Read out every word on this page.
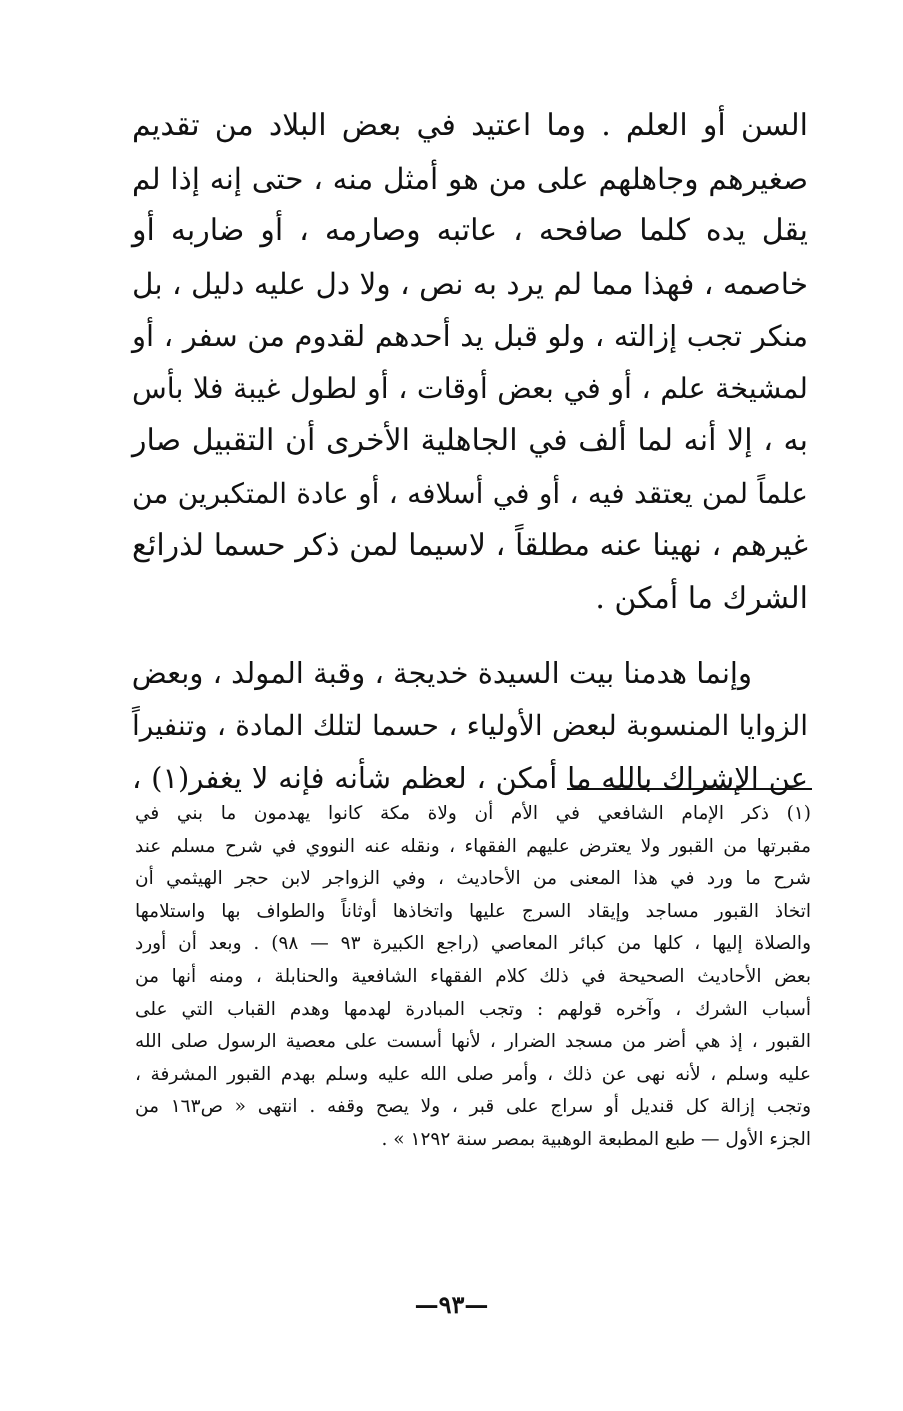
السن أو العلم . وما اعتيد في بعض البلاد من تقديم
صغيرهم وجاهلهم على من هو أمثل منه ، حتى إنه إذا لم
يقل يده كلما صافحه ، عاتبه وصارمه ، أو ضاربه أو
خاصمه ، فهذا مما لم يرد به نص ، ولا دل عليه دليل ، بل
منكر تجب إزالته ، ولو قبل يد أحدهم لقدوم من سفر ، أو
لمشيخة علم ، أو في بعض أوقات ، أو لطول غيبة فلا بأس
به ، إلا أنه لما ألف في الجاهلية الأخرى أن التقبيل صار
علماً لمن يعتقد فيه ، أو في أسلافه ، أو عادة المتكبرين من
غيرهم ، نهينا عنه مطلقاً ، لاسيما لمن ذكر حسما لذرائع
الشرك ما أمكن .
وإنما هدمنا بيت السيدة خديجة ، وقبة المولد ، وبعض
الزوايا المنسوبة لبعض الأولياء ، حسما لتلك المادة ، وتنفيراً
عن الإشراك بالله ما أمكن ، لعظم شأنه فإنه لا يغفر(١) ،
(١) ذكر الإمام الشافعي في الأم أن ولاة مكة كانوا يهدمون ما بني في
مقبرتها من القبور ولا يعترض عليهم الفقهاء ، ونقله عنه النووي في شرح مسلم عند
شرح ما ورد في هذا المعنى من الأحاديث ، وفي الزواجر لابن حجر الهيثمي أن
اتخاذ القبور مساجد وإيقاد السرج عليها واتخاذها أوثاناً والطواف بها واستلامها
والصلاة إليها ، كلها من كبائر المعاصي (راجع الكبيرة ٩٣ — ٩٨) . وبعد أن أورد
بعض الأحاديث الصحيحة في ذلك كلام الفقهاء الشافعية والحنابلة ، ومنه أنها من
أسباب الشرك ، وآخره قولهم : وتجب المبادرة لهدمها وهدم القباب التي على
القبور ، إذ هي أضر من مسجد الضرار ، لأنها أسست على معصية الرسول صلى الله
عليه وسلم ، لأنه نهى عن ذلك ، وأمر صلى الله عليه وسلم بهدم القبور المشرفة ،
وتجب إزالة كل قنديل أو سراج على قبر ، ولا يصح وقفه . انتهى « ص١٦٣ من
الجزء الأول — طبع المطبعة الوهبية بمصر سنة ١٢٩٢ » .
—٩٣—
